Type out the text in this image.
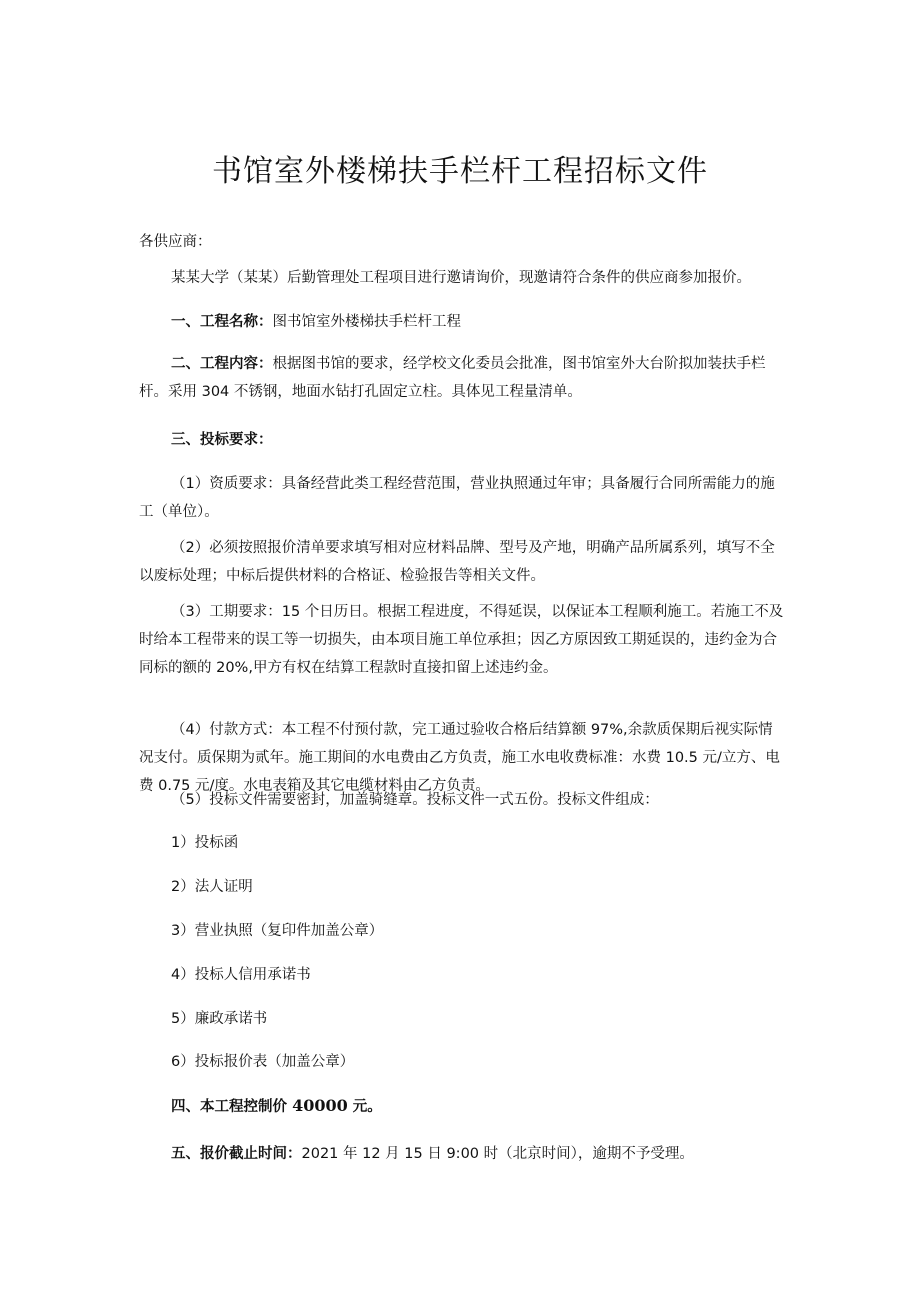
书馆室外楼梯扶手栏杆工程招标文件

各供应商：

某某大学（某某）后勤管理处工程项目进行邀请询价，现邀请符合条件的供应商参加报价。

一、工程名称：图书馆室外楼梯扶手栏杆工程

二、工程内容：根据图书馆的要求，经学校文化委员会批准，图书馆室外大台阶拟加装扶手栏杆。采用 304 不锈钢，地面水钻打孔固定立柱。具体见工程量清单。

三、投标要求：

（1）资质要求：具备经营此类工程经营范围，营业执照通过年审；具备履行合同所需能力的施工（单位）。

（2）必须按照报价清单要求填写相对应材料品牌、型号及产地，明确产品所属系列，填写不全以废标处理；中标后提供材料的合格证、检验报告等相关文件。

（3）工期要求：15 个日历日。根据工程进度，不得延误，以保证本工程顺利施工。若施工不及时给本工程带来的误工等一切损失，由本项目施工单位承担；因乙方原因致工期延误的，违约金为合同标的额的 20%,甲方有权在结算工程款时直接扣留上述违约金。

（4）付款方式：本工程不付预付款，完工通过验收合格后结算额 97%,余款质保期后视实际情况支付。质保期为贰年。施工期间的水电费由乙方负责，施工水电收费标准：水费 10.5 元/立方、电费 0.75 元/度。水电表箱及其它电缆材料由乙方负责。

（5）投标文件需要密封，加盖骑缝章。投标文件一式五份。投标文件组成：

1）投标函

2）法人证明

3）营业执照（复印件加盖公章）

4）投标人信用承诺书

5）廉政承诺书

6）投标报价表（加盖公章）

四、本工程控制价 40000 元。

五、报价截止时间：2021 年 12 月 15 日 9:00 时（北京时间），逾期不予受理。
